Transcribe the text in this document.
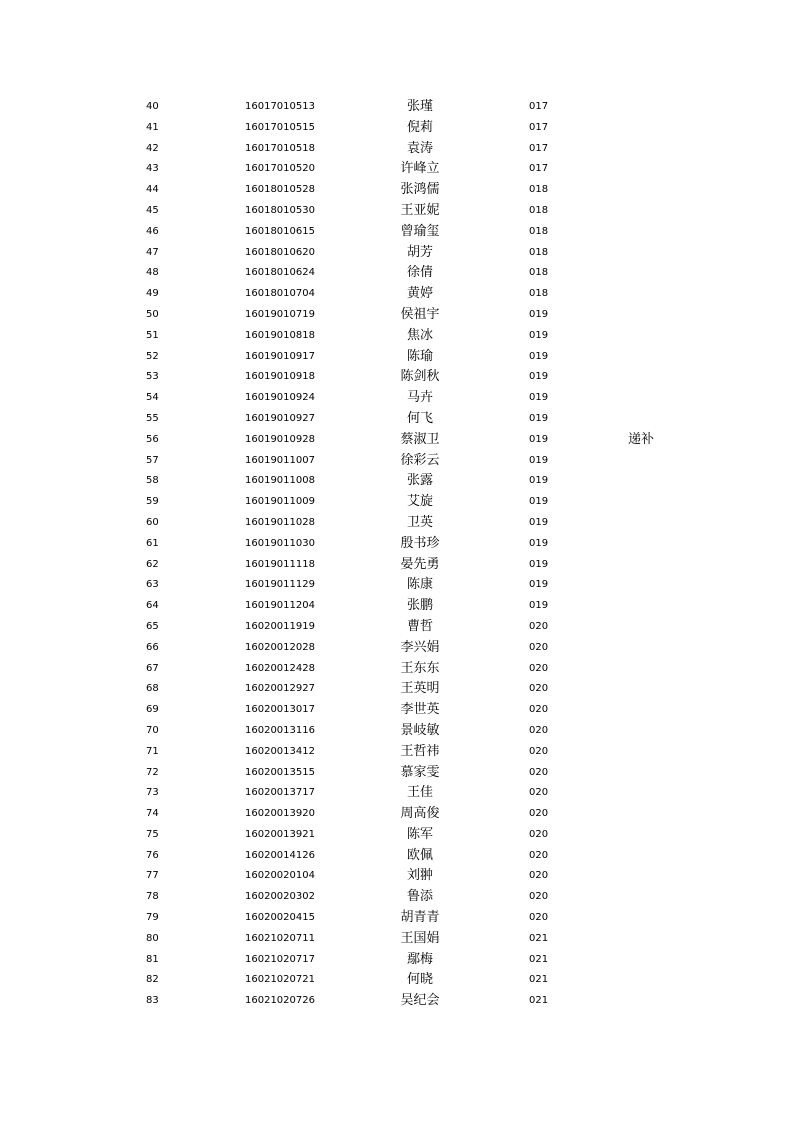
40	16017010513	张瑾	017
41	16017010515	倪莉	017
42	16017010518	袁涛	017
43	16017010520	许峰立	017
44	16018010528	张鸿儒	018
45	16018010530	王亚妮	018
46	16018010615	曾瑜玺	018
47	16018010620	胡芳	018
48	16018010624	徐倩	018
49	16018010704	黄婷	018
50	16019010719	侯祖宇	019
51	16019010818	焦冰	019
52	16019010917	陈瑜	019
53	16019010918	陈剑秋	019
54	16019010924	马卉	019
55	16019010927	何飞	019
56	16019010928	蔡淑卫	019	递补
57	16019011007	徐彩云	019
58	16019011008	张露	019
59	16019011009	艾旋	019
60	16019011028	卫英	019
61	16019011030	殷书珍	019
62	16019011118	晏先勇	019
63	16019011129	陈康	019
64	16019011204	张鹏	019
65	16020011919	曹哲	020
66	16020012028	李兴娟	020
67	16020012428	王东东	020
68	16020012927	王英明	020
69	16020013017	李世英	020
70	16020013116	景岐敏	020
71	16020013412	王哲祎	020
72	16020013515	慕家雯	020
73	16020013717	王佳	020
74	16020013920	周高俊	020
75	16020013921	陈军	020
76	16020014126	欧佩	020
77	16020020104	刘翀	020
78	16020020302	鲁添	020
79	16020020415	胡青青	020
80	16021020711	王国娟	021
81	16021020717	鄢梅	021
82	16021020721	何晓	021
83	16021020726	吴纪会	021
